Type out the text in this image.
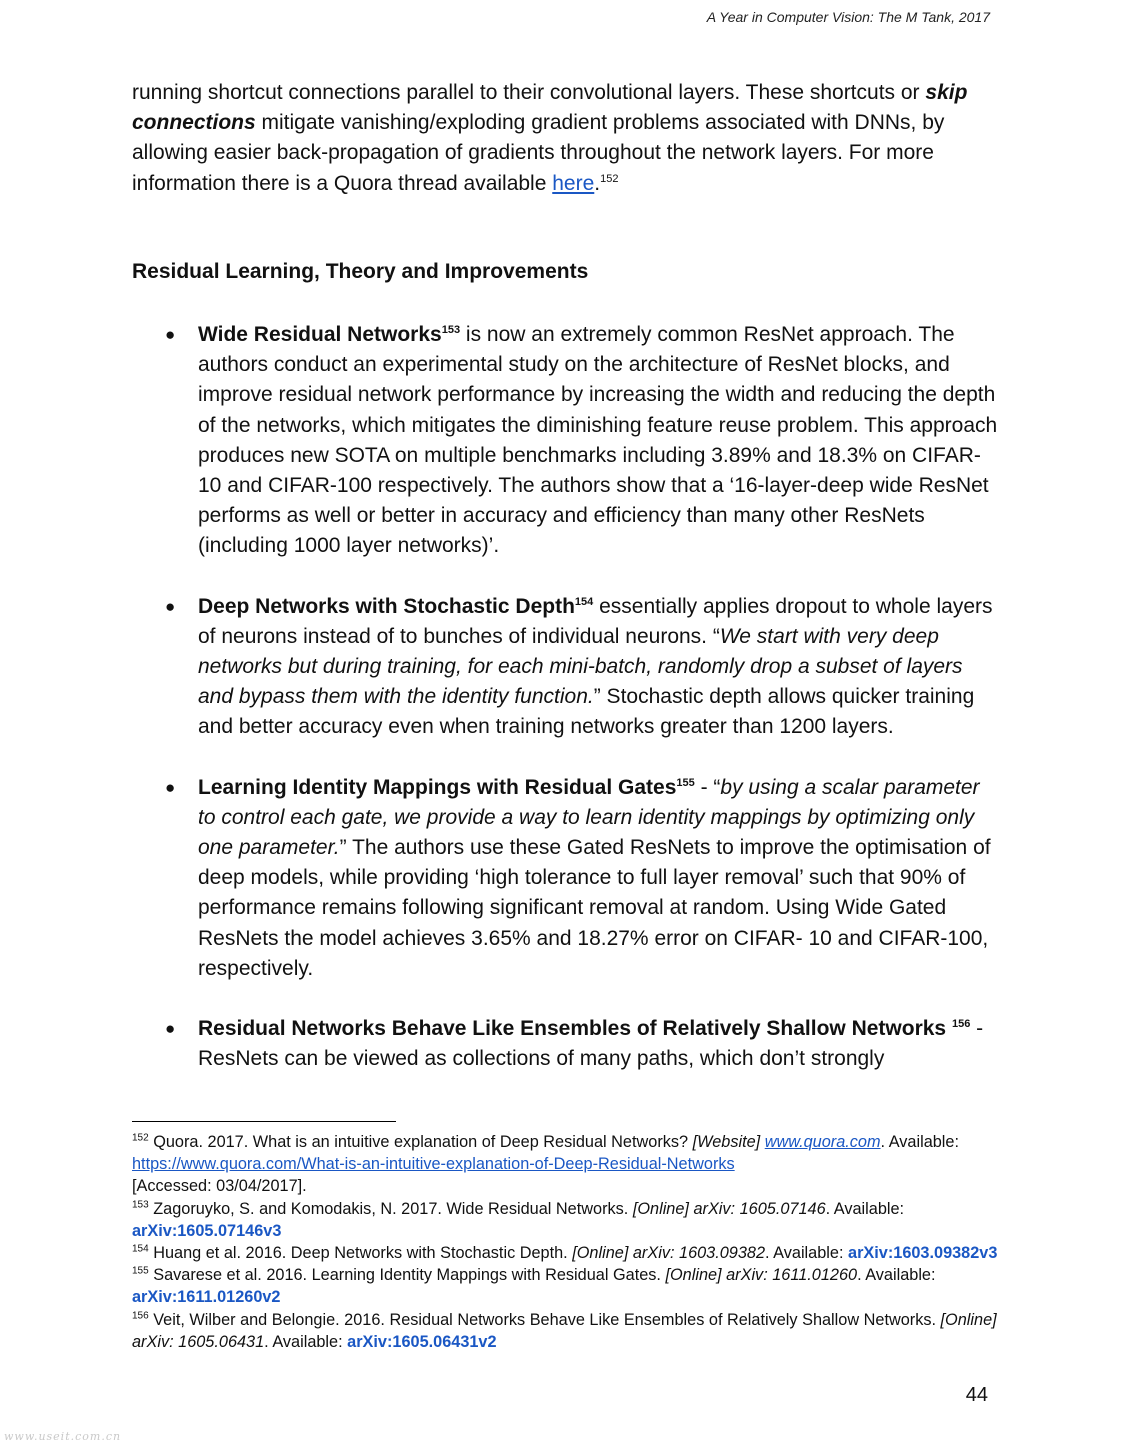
A Year in Computer Vision: The M Tank, 2017
running shortcut connections parallel to their convolutional layers. These shortcuts or skip connections mitigate vanishing/exploding gradient problems associated with DNNs, by allowing easier back-propagation of gradients throughout the network layers. For more information there is a Quora thread available here.$^{152}$
Residual Learning, Theory and Improvements
● Wide Residual Networks$^{153}$ is now an extremely common ResNet approach. The authors conduct an experimental study on the architecture of ResNet blocks, and improve residual network performance by increasing the width and reducing the depth of the networks, which mitigates the diminishing feature reuse problem. This approach produces new SOTA on multiple benchmarks including 3.89% and 18.3% on CIFAR-10 and CIFAR-100 respectively. The authors show that a ‘16-layer-deep wide ResNet performs as well or better in accuracy and efficiency than many other ResNets (including 1000 layer networks)’.
● Deep Networks with Stochastic Depth$^{154}$ essentially applies dropout to whole layers of neurons instead of to bunches of individual neurons. “We start with very deep networks but during training, for each mini-batch, randomly drop a subset of layers and bypass them with the identity function.” Stochastic depth allows quicker training and better accuracy even when training networks greater than 1200 layers.
● Learning Identity Mappings with Residual Gates$^{155}$ - “by using a scalar parameter to control each gate, we provide a way to learn identity mappings by optimizing only one parameter.” The authors use these Gated ResNets to improve the optimisation of deep models, while providing ‘high tolerance to full layer removal’ such that 90% of performance remains following significant removal at random. Using Wide Gated ResNets the model achieves 3.65% and 18.27% error on CIFAR- 10 and CIFAR-100, respectively.
● Residual Networks Behave Like Ensembles of Relatively Shallow Networks $^{156}$ - ResNets can be viewed as collections of many paths, which don’t strongly

$^{152}$ Quora. 2017. What is an intuitive explanation of Deep Residual Networks? [Website] www.quora.com. Available:
https://www.quora.com/What-is-an-intuitive-explanation-of-Deep-Residual-Networks
[Accessed: 03/04/2017].

$^{153}$ Zagoruyko, S. and Komodakis, N. 2017. Wide Residual Networks. [Online] arXiv: 1605.07146. Available: arXiv:1605.07146v3

$^{154}$ Huang et al. 2016. Deep Networks with Stochastic Depth. [Online] arXiv: 1603.09382. Available: arXiv:1603.09382v3

$^{155}$ Savarese et al. 2016. Learning Identity Mappings with Residual Gates. [Online] arXiv: 1611.01260. Available: arXiv:1611.01260v2

$^{156}$ Veit, Wilber and Belongie. 2016. Residual Networks Behave Like Ensembles of Relatively Shallow Networks. [Online] arXiv: 1605.06431. Available: arXiv:1605.06431v2

44
www.useit.com.cn
